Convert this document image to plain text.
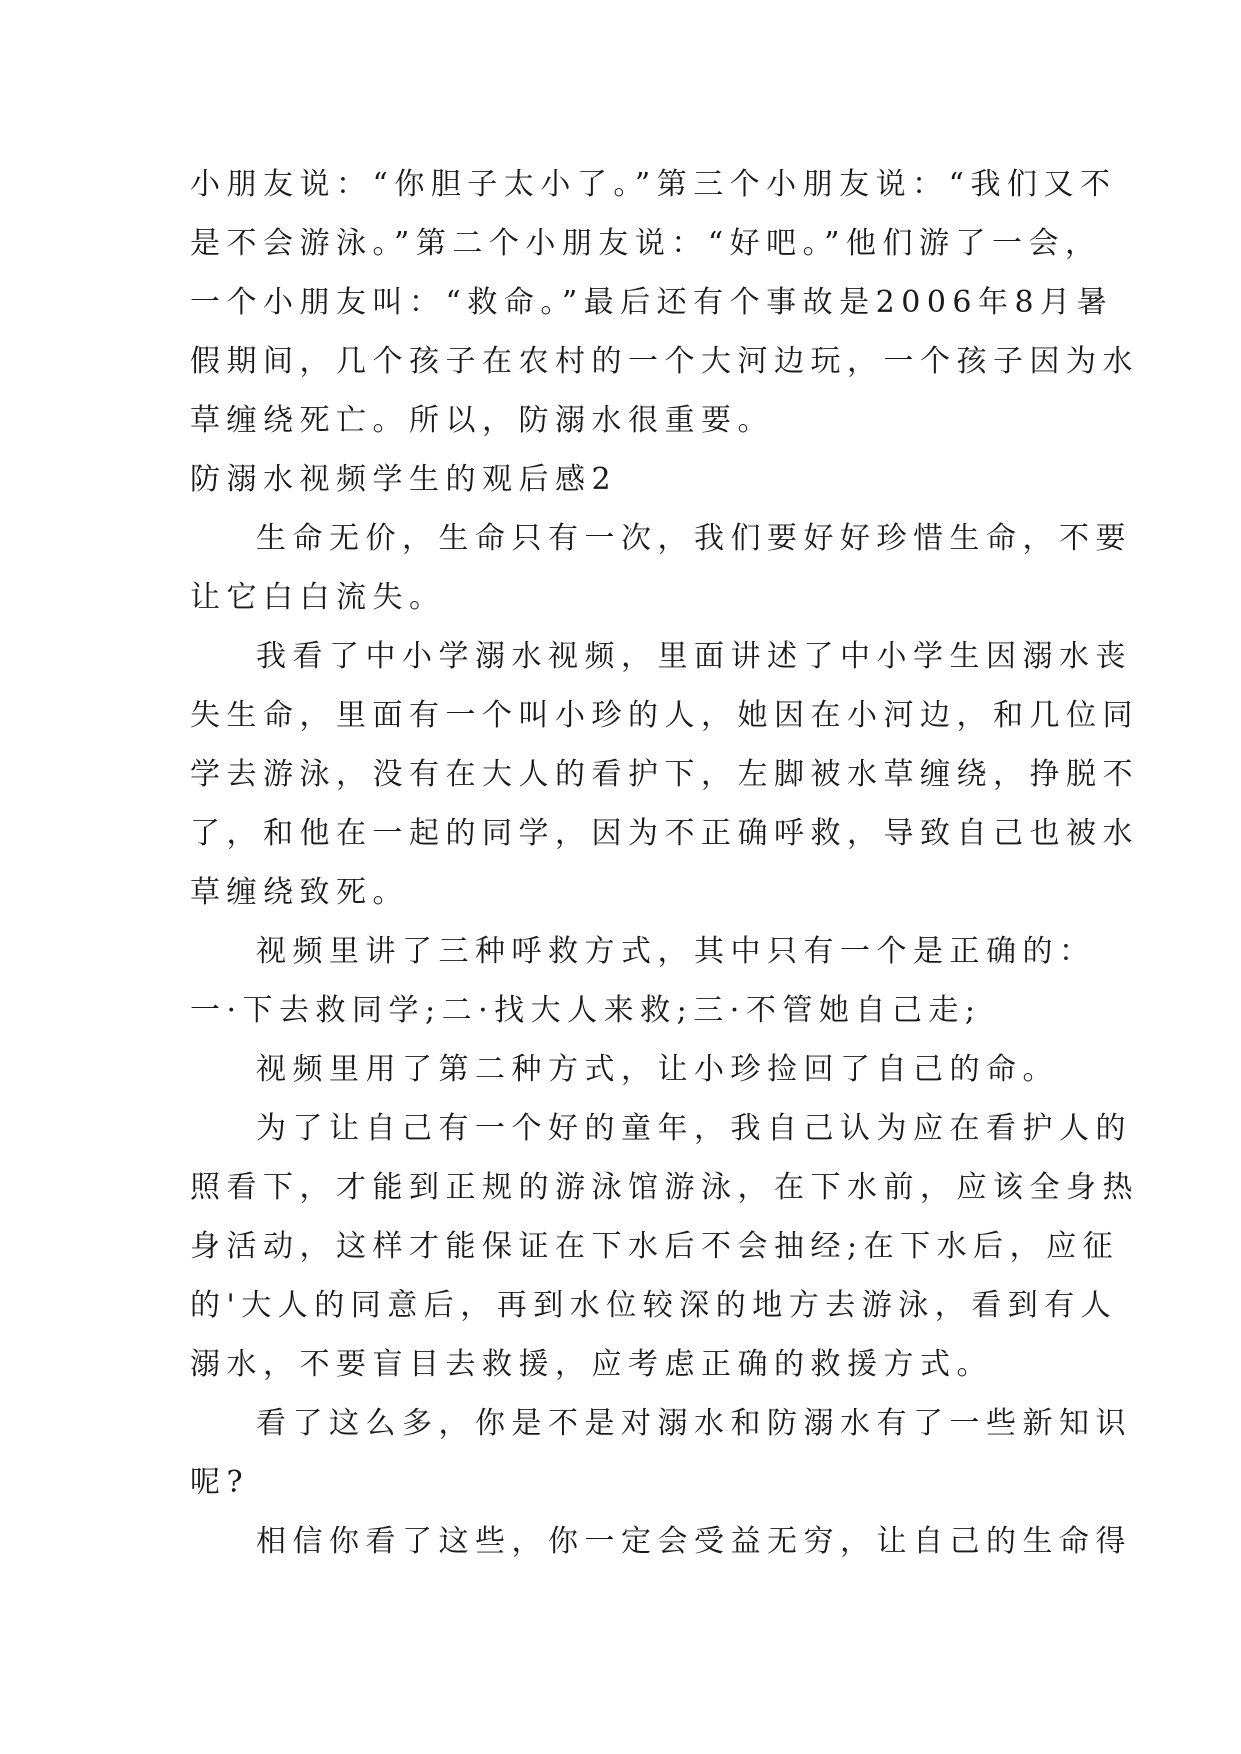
小朋友说：“你胆子太小了。”第三个小朋友说：“我们又不
是不会游泳。”第二个小朋友说：“好吧。”他们游了一会，
一个小朋友叫：“救命。”最后还有个事故是2006年8月暑
假期间，几个孩子在农村的一个大河边玩，一个孩子因为水
草缠绕死亡。所以，防溺水很重要。

防溺水视频学生的观后感2

生命无价，生命只有一次，我们要好好珍惜生命，不要
让它白白流失。

我看了中小学溺水视频，里面讲述了中小学生因溺水丧
失生命，里面有一个叫小珍的人，她因在小河边，和几位同
学去游泳，没有在大人的看护下，左脚被水草缠绕，挣脱不
了，和他在一起的同学，因为不正确呼救，导致自己也被水
草缠绕致死。

视频里讲了三种呼救方式，其中只有一个是正确的：
一·下去救同学;二·找大人来救;三·不管她自己走;

视频里用了第二种方式，让小珍捡回了自己的命。

为了让自己有一个好的童年，我自己认为应在看护人的
照看下，才能到正规的游泳馆游泳，在下水前，应该全身热
身活动，这样才能保证在下水后不会抽经;在下水后，应征
的'大人的同意后，再到水位较深的地方去游泳，看到有人
溺水，不要盲目去救援，应考虑正确的救援方式。

看了这么多，你是不是对溺水和防溺水有了一些新知识
呢?

相信你看了这些，你一定会受益无穷，让自己的生命得
